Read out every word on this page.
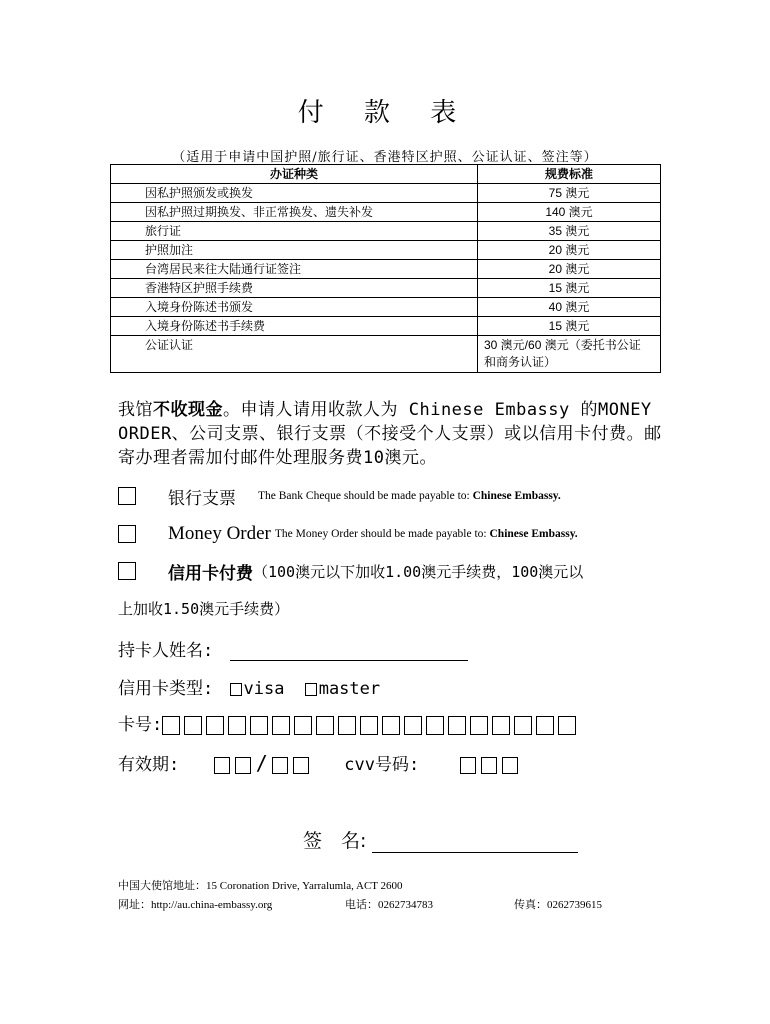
付 款 表
（适用于申请中国护照/旅行证、香港特区护照、公证认证、签注等）
办证种类	规费标准
因私护照颁发或换发	75 澳元
因私护照过期换发、非正常换发、遗失补发	140 澳元
旅行证	35 澳元
护照加注	20 澳元
台湾居民来往大陆通行证签注	20 澳元
香港特区护照手续费	15 澳元
入境身份陈述书颁发	40 澳元
入境身份陈述书手续费	15 澳元
公证认证	30 澳元/60 澳元（委托书公证
和商务认证）
我馆不收现金。申请人请用收款人为 Chinese Embassy 的MONEY ORDER、公司支票、银行支票（不接受个人支票）或以信用卡付费。邮寄办理者需加付邮件处理服务费10澳元。
银行支票 The Bank Cheque should be made payable to: Chinese Embassy.
Money Order The Money Order should be made payable to: Chinese Embassy.
信用卡付费 （100澳元以下加收1.00澳元手续费，100澳元以
上加收1.50澳元手续费）
持卡人姓名:
信用卡类型: visa master
卡号:
有效期:	/	cvv号码:
签　名:
中国大使馆地址：15 Coronation Drive, Yarralumla, ACT 2600
网址：http://au.china-embassy.org	电话：0262734783	传真：0262739615
